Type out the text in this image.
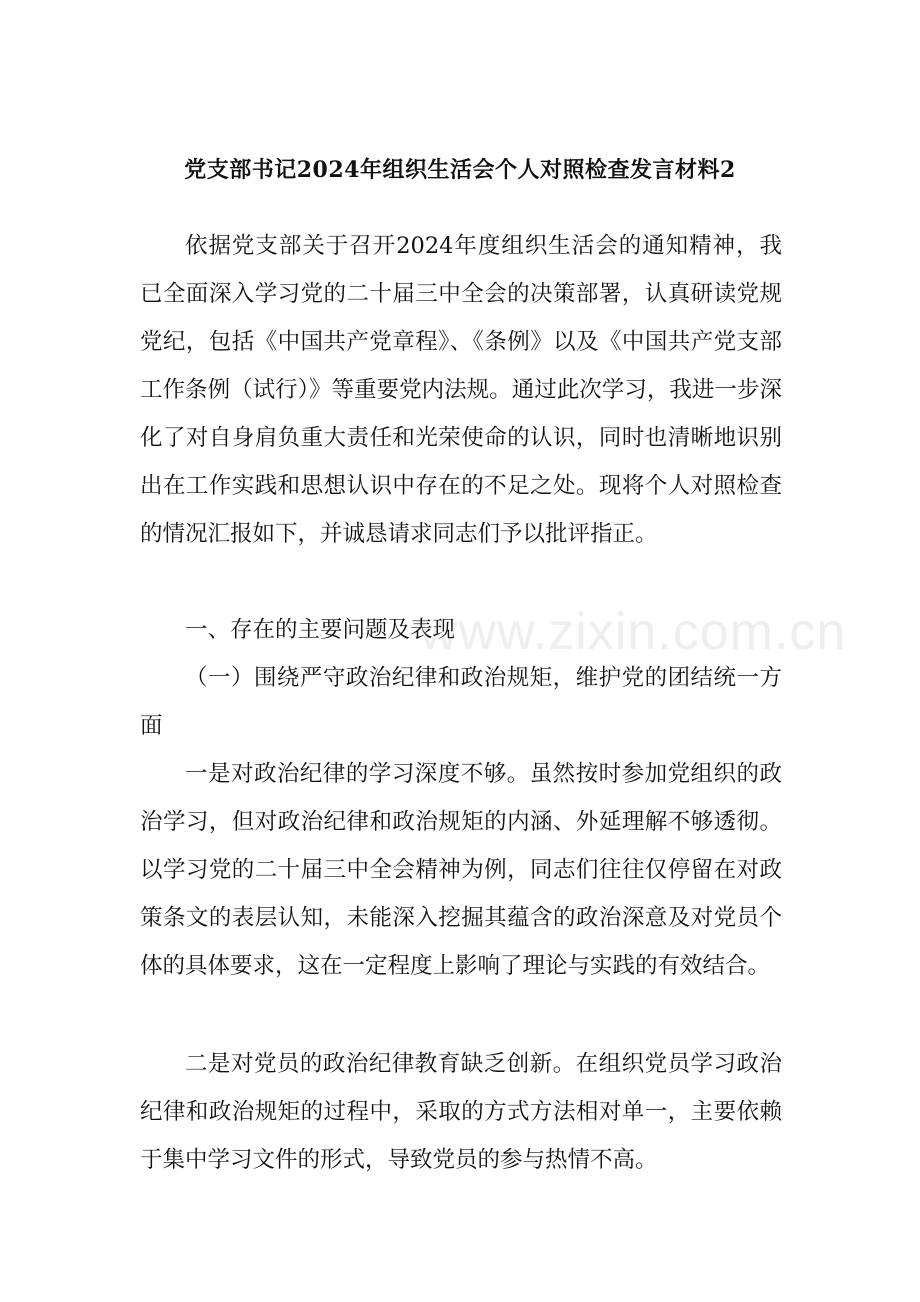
党支部书记2024年组织生活会个人对照检查发言材料2

依据党支部关于召开2024年度组织生活会的通知精神，我已全面深入学习党的二十届三中全会的决策部署，认真研读党规党纪，包括《中国共产党章程》、《条例》以及《中国共产党支部工作条例（试行）》等重要党内法规。通过此次学习，我进一步深化了对自身肩负重大责任和光荣使命的认识，同时也清晰地识别出在工作实践和思想认识中存在的不足之处。现将个人对照检查的情况汇报如下，并诚恳请求同志们予以批评指正。

一、存在的主要问题及表现

（一）围绕严守政治纪律和政治规矩，维护党的团结统一方面

一是对政治纪律的学习深度不够。虽然按时参加党组织的政治学习，但对政治纪律和政治规矩的内涵、外延理解不够透彻。以学习党的二十届三中全会精神为例，同志们往往仅停留在对政策条文的表层认知，未能深入挖掘其蕴含的政治深意及对党员个体的具体要求，这在一定程度上影响了理论与实践的有效结合。

二是对党员的政治纪律教育缺乏创新。在组织党员学习政治纪律和政治规矩的过程中，采取的方式方法相对单一，主要依赖于集中学习文件的形式，导致党员的参与热情不高。

www.zixin.com.cn
